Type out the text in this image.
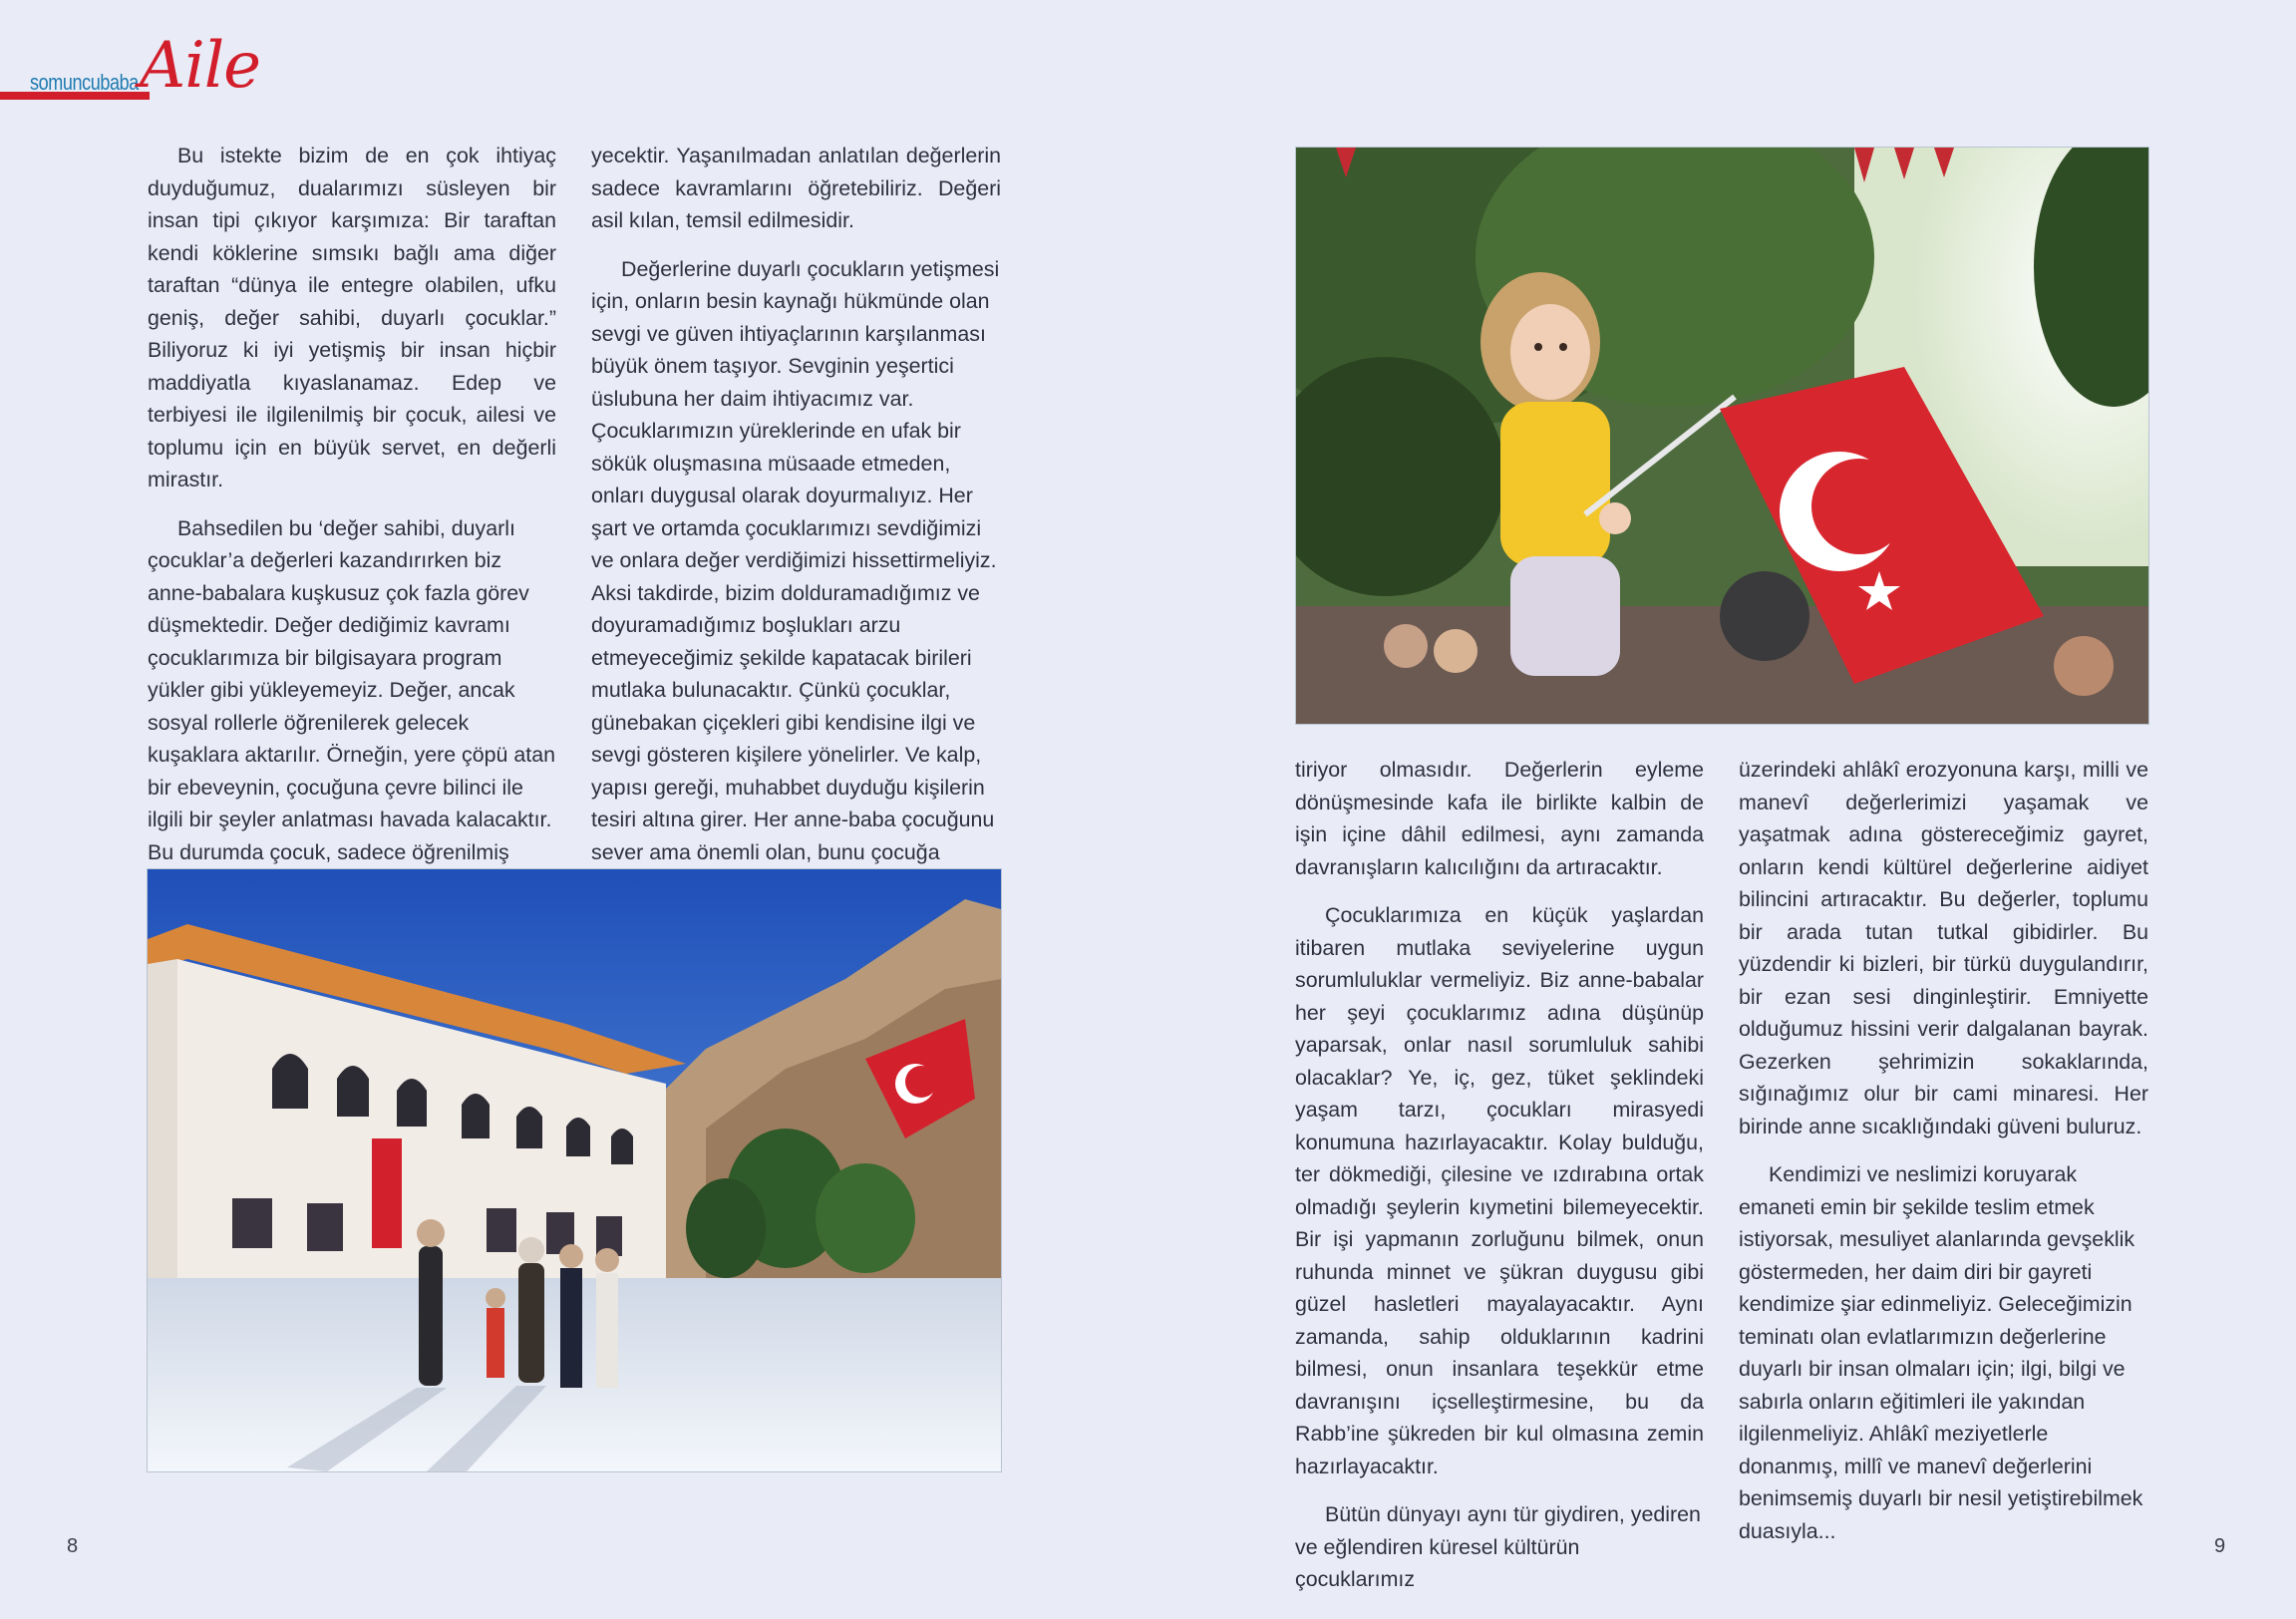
somuncubaba Aile

Bu istekte bizim de en çok ihtiyaç duyduğumuz, dualarımızı süsleyen bir insan tipi çıkıyor karşımıza: Bir taraftan kendi köklerine sımsıkı bağlı ama diğer taraftan “dünya ile entegre olabilen, ufku geniş, değer sahibi, duyarlı çocuklar.” Biliyoruz ki iyi yetişmiş bir insan hiçbir maddiyatla kıyaslanamaz. Edep ve terbiyesi ile ilgilenilmiş bir çocuk, ailesi ve toplumu için en büyük servet, en değerli mirastır.

Bahsedilen bu ‘değer sahibi, duyarlı çocuklar’a değerleri kazandırırken biz anne-babalara kuşkusuz çok fazla görev düşmektedir. Değer dediğimiz kavramı çocuklarımıza bir bilgisayara program yükler gibi yükleyemeyiz. Değer, ancak sosyal rollerle öğrenilerek gelecek kuşaklara aktarılır. Örneğin, yere çöpü atan bir ebeveynin, çocuğuna çevre bilinci ile ilgili bir şeyler anlatması havada kalacaktır. Bu durumda çocuk, sadece öğrenilmiş

yecektir. Yaşanılmadan anlatılan değerlerin sadece kavramlarını öğretebiliriz. Değeri asil kılan, temsil edilmesidir.

Değerlerine duyarlı çocukların yetişmesi için, onların besin kaynağı hükmünde olan sevgi ve güven ihtiyaçlarının karşılanması büyük önem taşıyor. Sevginin yeşertici üslubuna her daim ihtiyacımız var. Çocuklarımızın yüreklerinde en ufak bir sökük oluşmasına müsaade etmeden, onları duygusal olarak doyurmalıyız. Her şart ve ortamda çocuklarımızı sevdiğimizi ve onlara değer verdiğimizi hissettirmeliyiz. Aksi takdirde, bizim dolduramadığımız ve doyuramadığımız boşlukları arzu etmeyeceğimiz şekilde kapatacak birileri mutlaka bulunacaktır. Çünkü çocuklar, günebakan çiçekleri gibi kendisine ilgi ve sevgi gösteren kişilere yönelirler. Ve kalp, yapısı gereği, muhabbet duyduğu kişilerin tesiri altına girer. Her anne-baba çocuğunu sever ama önemli olan, bunu çocuğa

tiriyor olmasıdır. Değerlerin eyleme dönüşmesinde kafa ile birlikte kalbin de işin içine dâhil edilmesi, aynı zamanda davranışların kalıcılığını da artıracaktır.

Çocuklarımıza en küçük yaşlardan itibaren mutlaka seviyelerine uygun sorumluluklar vermeliyiz. Biz anne-babalar her şeyi çocuklarımız adına düşünüp yaparsak, onlar nasıl sorumluluk sahibi olacaklar? Ye, iç, gez, tüket şeklindeki yaşam tarzı, çocukları mirasyedi konumuna hazırlayacaktır. Kolay bulduğu, ter dökmediği, çilesine ve ızdırabına ortak olmadığı şeylerin kıymetini bilemeyecektir. Bir işi yapmanın zorluğunu bilmek, onun ruhunda minnet ve şükran duygusu gibi güzel hasletleri mayalayacaktır. Aynı zamanda, sahip olduklarının kadrini bilmesi, onun insanlara teşekkür etme davranışını içselleştirmesine, bu da Rabb’ine şükreden bir kul olmasına zemin hazırlayacaktır.

Bütün dünyayı aynı tür giydiren, yediren ve eğlendiren küresel kültürün çocuklarımız

üzerindeki ahlâkî erozyonuna karşı, milli ve manevî değerlerimizi yaşamak ve yaşatmak adına göstereceğimiz gayret, onların kendi kültürel değerlerine aidiyet bilincini artıracaktır. Bu değerler, toplumu bir arada tutan tutkal gibidirler. Bu yüzdendir ki bizleri, bir türkü duygulandırır, bir ezan sesi dinginleştirir. Emniyette olduğumuz hissini verir dalgalanan bayrak. Gezerken şehrimizin sokaklarında, sığınağımız olur bir cami minaresi. Her birinde anne sıcaklığındaki güveni buluruz.

Kendimizi ve neslimizi koruyarak emaneti emin bir şekilde teslim etmek istiyorsak, mesuliyet alanlarında gevşeklik göstermeden, her daim diri bir gayreti kendimize şiar edinmeliyiz. Geleceğimizin teminatı olan evlatlarımızın değerlerine duyarlı bir insan olmaları için; ilgi, bilgi ve sabırla onların eğitimleri ile yakından ilgilenmeliyiz. Ahlâkî meziyetlerle donanmış, millî ve manevî değerlerini benimsemiş duyarlı bir nesil yetiştirebilmek duasıyla...

8	9
